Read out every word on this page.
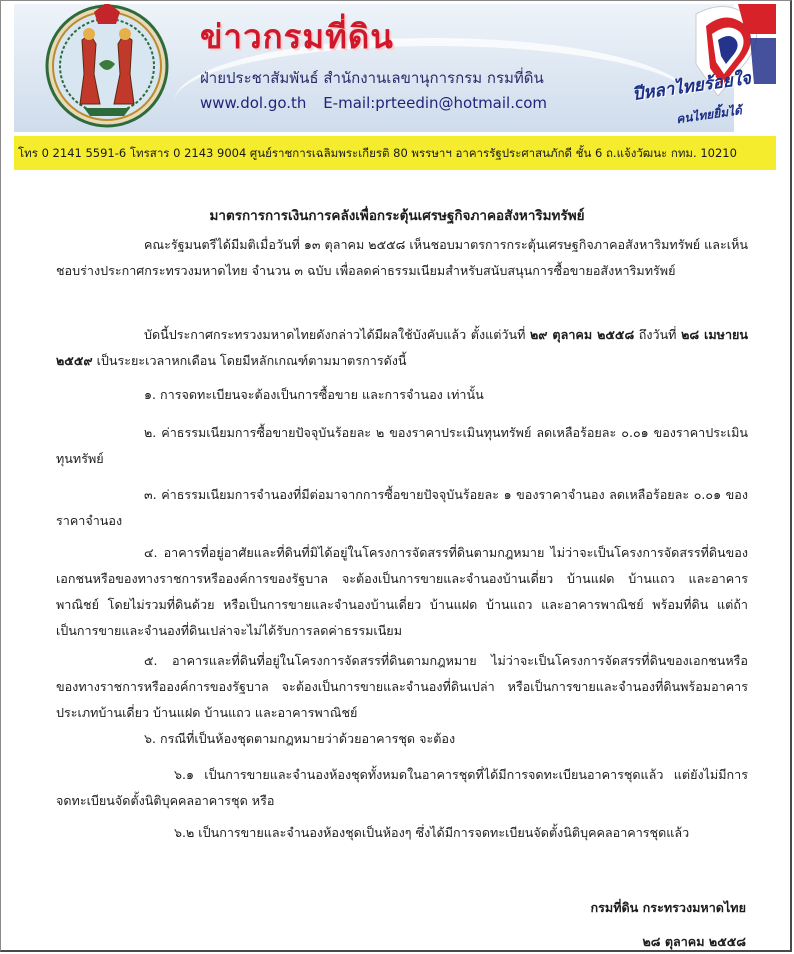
ข่าวกรมที่ดิน
ฝ่ายประชาสัมพันธ์ สำนักงานเลขานุการกรม กรมที่ดิน
www.dol.go.th E-mail:prteedin@hotmail.com	ปีหลาไทยร้อยใจ
คนไทยยิ้มได้
โทร 0 2141 5591-6 โทรสาร 0 2143 9004 ศูนย์ราชการเฉลิมพระเกียรติ 80 พรรษาฯ อาคารรัฐประศาสนภักดี ชั้น 6 ถ.แจ้งวัฒนะ กทม. 10210
มาตรการการเงินการคลังเพื่อกระตุ้นเศรษฐกิจภาคอสังหาริมทรัพย์

คณะรัฐมนตรีได้มีมติเมื่อวันที่ ๑๓ ตุลาคม ๒๕๕๘ เห็นชอบมาตรการกระตุ้นเศรษฐกิจภาคอสังหาริมทรัพย์ และเห็นชอบร่างประกาศกระทรวงมหาดไทย จำนวน ๓ ฉบับ เพื่อลดค่าธรรมเนียมสำหรับสนับสนุนการซื้อขายอสังหาริมทรัพย์

บัดนี้ประกาศกระทรวงมหาดไทยดังกล่าวได้มีผลใช้บังคับแล้ว ตั้งแต่วันที่ ๒๙ ตุลาคม ๒๕๕๘ ถึงวันที่ ๒๘ เมษายน ๒๕๕๙ เป็นระยะเวลาหกเดือน โดยมีหลักเกณฑ์ตามมาตรการดังนี้

๑. การจดทะเบียนจะต้องเป็นการซื้อขาย และการจำนอง เท่านั้น

๒. ค่าธรรมเนียมการซื้อขายปัจจุบันร้อยละ ๒ ของราคาประเมินทุนทรัพย์ ลดเหลือร้อยละ ๐.๐๑ ของราคาประเมินทุนทรัพย์

๓. ค่าธรรมเนียมการจำนองที่มีต่อมาจากการซื้อขายปัจจุบันร้อยละ ๑ ของราคาจำนอง ลดเหลือร้อยละ ๐.๐๑ ของราคาจำนอง

๔. อาคารที่อยู่อาศัยและที่ดินที่มิได้อยู่ในโครงการจัดสรรที่ดินตามกฎหมาย ไม่ว่าจะเป็นโครงการจัดสรรที่ดินของเอกชนหรือของทางราชการหรือองค์การของรัฐบาล จะต้องเป็นการขายและจำนองบ้านเดี่ยว บ้านแฝด บ้านแถว และอาคารพาณิชย์ โดยไม่รวมที่ดินด้วย หรือเป็นการขายและจำนองบ้านเดี่ยว บ้านแฝด บ้านแถว และอาคารพาณิชย์ พร้อมที่ดิน แต่ถ้าเป็นการขายและจำนองที่ดินเปล่าจะไม่ได้รับการลดค่าธรรมเนียม

๕. อาคารและที่ดินที่อยู่ในโครงการจัดสรรที่ดินตามกฎหมาย ไม่ว่าจะเป็นโครงการจัดสรรที่ดินของเอกชนหรือของทางราชการหรือองค์การของรัฐบาล จะต้องเป็นการขายและจำนองที่ดินเปล่า หรือเป็นการขายและจำนองที่ดินพร้อมอาคารประเภทบ้านเดี่ยว บ้านแฝด บ้านแถว และอาคารพาณิชย์

๖. กรณีที่เป็นห้องชุดตามกฎหมายว่าด้วยอาคารชุด จะต้อง

๖.๑ เป็นการขายและจำนองห้องชุดทั้งหมดในอาคารชุดที่ได้มีการจดทะเบียนอาคารชุดแล้ว แต่ยังไม่มีการจดทะเบียนจัดตั้งนิติบุคคลอาคารชุด หรือ

๖.๒ เป็นการขายและจำนองห้องชุดเป็นห้องๆ ซึ่งได้มีการจดทะเบียนจัดตั้งนิติบุคคลอาคารชุดแล้ว

กรมที่ดิน กระทรวงมหาดไทย
๒๘ ตุลาคม ๒๕๕๘
